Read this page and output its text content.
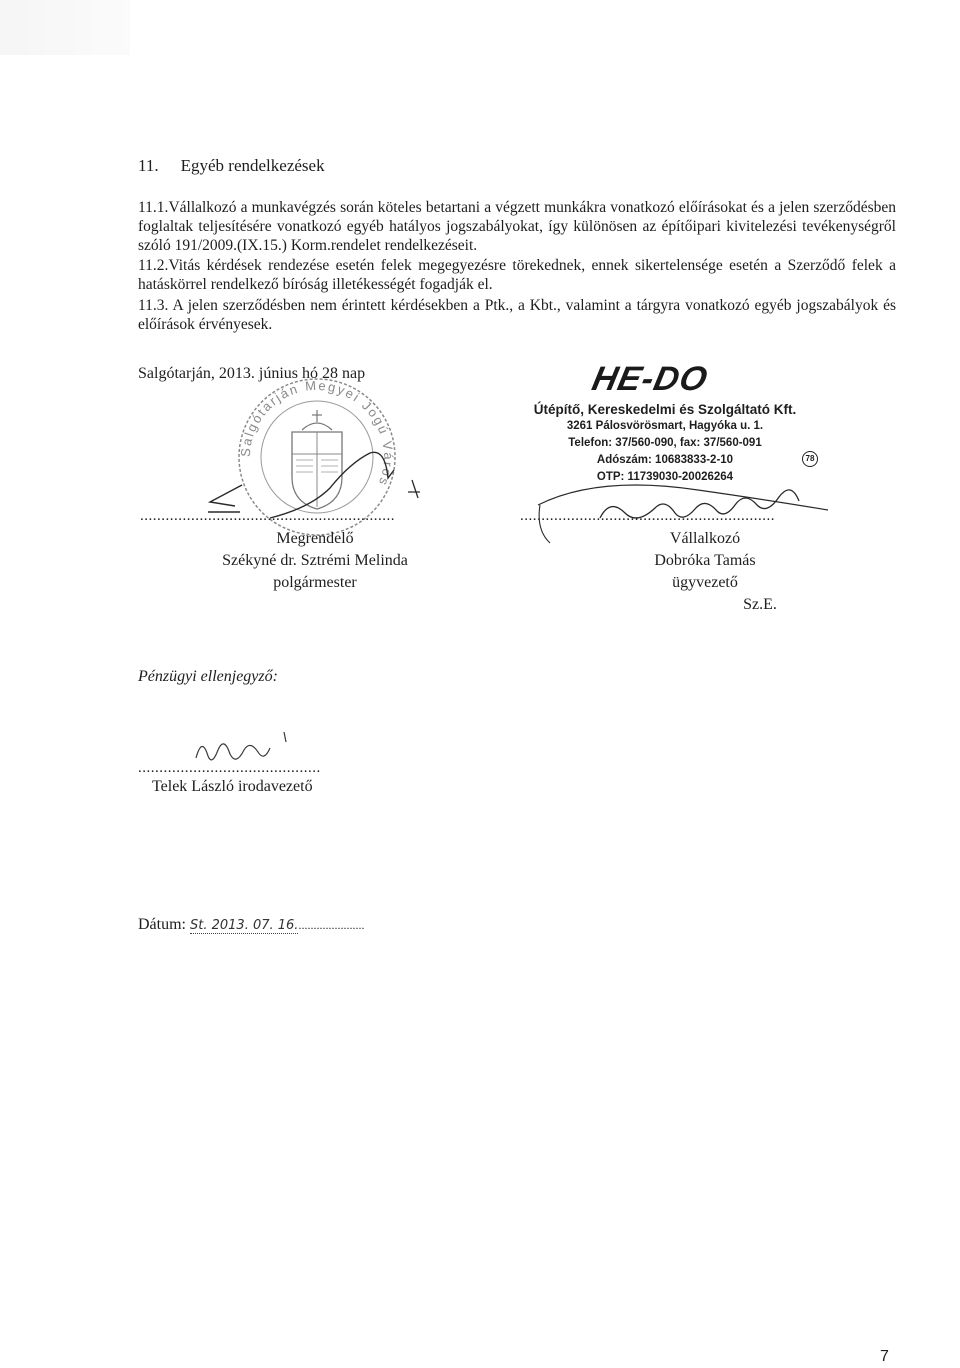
11. Egyéb rendelkezések
11.1.Vállalkozó a munkavégzés során köteles betartani a végzett munkákra vonatkozó előírásokat és a jelen szerződésben foglaltak teljesítésére vonatkozó egyéb hatályos jogszabályokat, így különösen az építőipari kivitelezési tevékenységről szóló 191/2009.(IX.15.) Korm.rendelet rendelkezéseit.
11.2.Vitás kérdések rendezése esetén felek megegyezésre törekednek, ennek sikertelensége esetén a Szerződő felek a hatáskörrel rendelkező bíróság illetékességét fogadják el.
11.3. A jelen szerződésben nem érintett kérdésekben a Ptk., a Kbt., valamint a tárgyra vonatkozó egyéb jogszabályok és előírások érvényesek.
Salgótarján, 2013. június hó 28 nap
Salgótarján Megyei Jogú Város
HE-DO
Útépítő, Kereskedelmi és Szolgáltató Kft.
3261 Pálosvörösmart, Hagyóka u. 1.
Telefon: 37/560-090, fax: 37/560-091
Adószám: 10683833-2-10
OTP: 11739030-20026264
78
............................................................
Megrendelő
Székyné dr. Sztrémi Melinda
polgármester
............................................................
Vállalkozó
Dobróka Tamás
ügyvezető
Sz.E.
Pénzügyi ellenjegyző:
...........................................
Telek László irodavezető
Dátum: St. 2013. 07. 16.......................
7
